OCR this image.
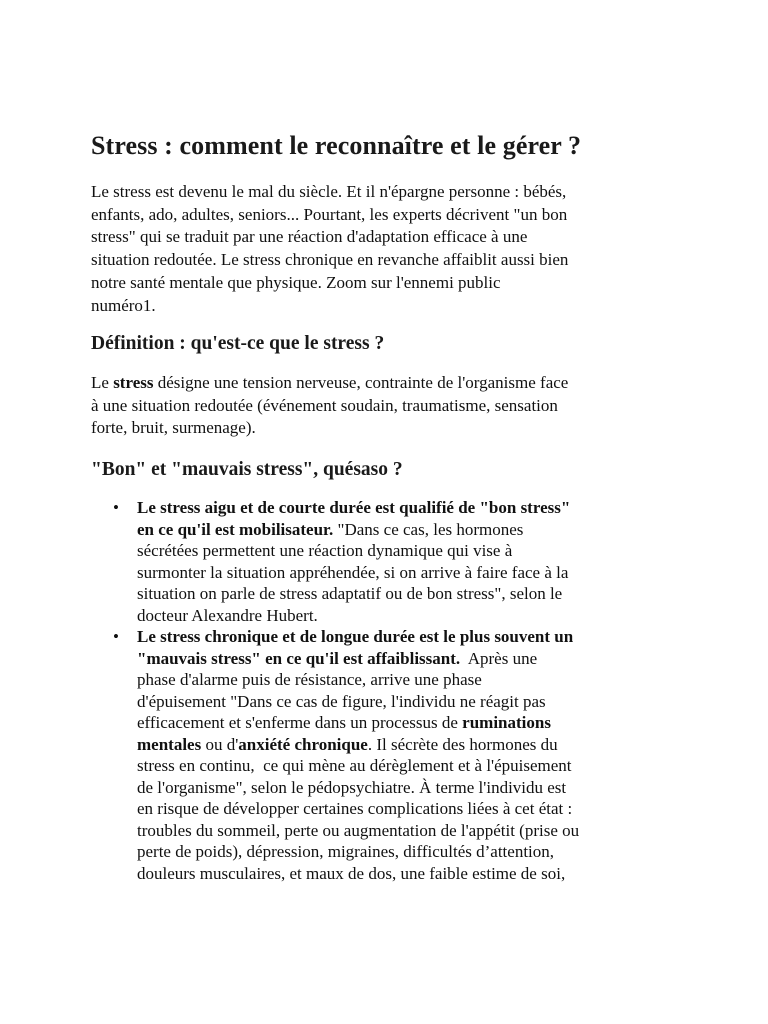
Stress : comment le reconnaître et le gérer ?
Le stress est devenu le mal du siècle. Et il n'épargne personne : bébés,
enfants, ado, adultes, seniors... Pourtant, les experts décrivent "un bon
stress" qui se traduit par une réaction d'adaptation efficace à une
situation redoutée. Le stress chronique en revanche affaiblit aussi bien
notre santé mentale que physique. Zoom sur l'ennemi public
numéro1.
Définition : qu'est-ce que le stress ?
Le stress désigne une tension nerveuse, contrainte de l'organisme face
à une situation redoutée (événement soudain, traumatisme, sensation
forte, bruit, surmenage).
"Bon" et "mauvais stress", quésaso ?
• Le stress aigu et de courte durée est qualifié de "bon stress"
en ce qu'il est mobilisateur. "Dans ce cas, les hormones
sécrétées permettent une réaction dynamique qui vise à
surmonter la situation appréhendée, si on arrive à faire face à la
situation on parle de stress adaptatif ou de bon stress", selon le
docteur Alexandre Hubert.
• Le stress chronique et de longue durée est le plus souvent un
"mauvais stress" en ce qu'il est affaiblissant.  Après une
phase d'alarme puis de résistance, arrive une phase
d'épuisement "Dans ce cas de figure, l'individu ne réagit pas
efficacement et s'enferme dans un processus de ruminations
mentales ou d'anxiété chronique. Il sécrète des hormones du
stress en continu,  ce qui mène au dérèglement et à l'épuisement
de l'organisme", selon le pédopsychiatre. À terme l'individu est
en risque de développer certaines complications liées à cet état :
troubles du sommeil, perte ou augmentation de l'appétit (prise ou
perte de poids), dépression, migraines, difficultés d’attention,
douleurs musculaires, et maux de dos, une faible estime de soi,
